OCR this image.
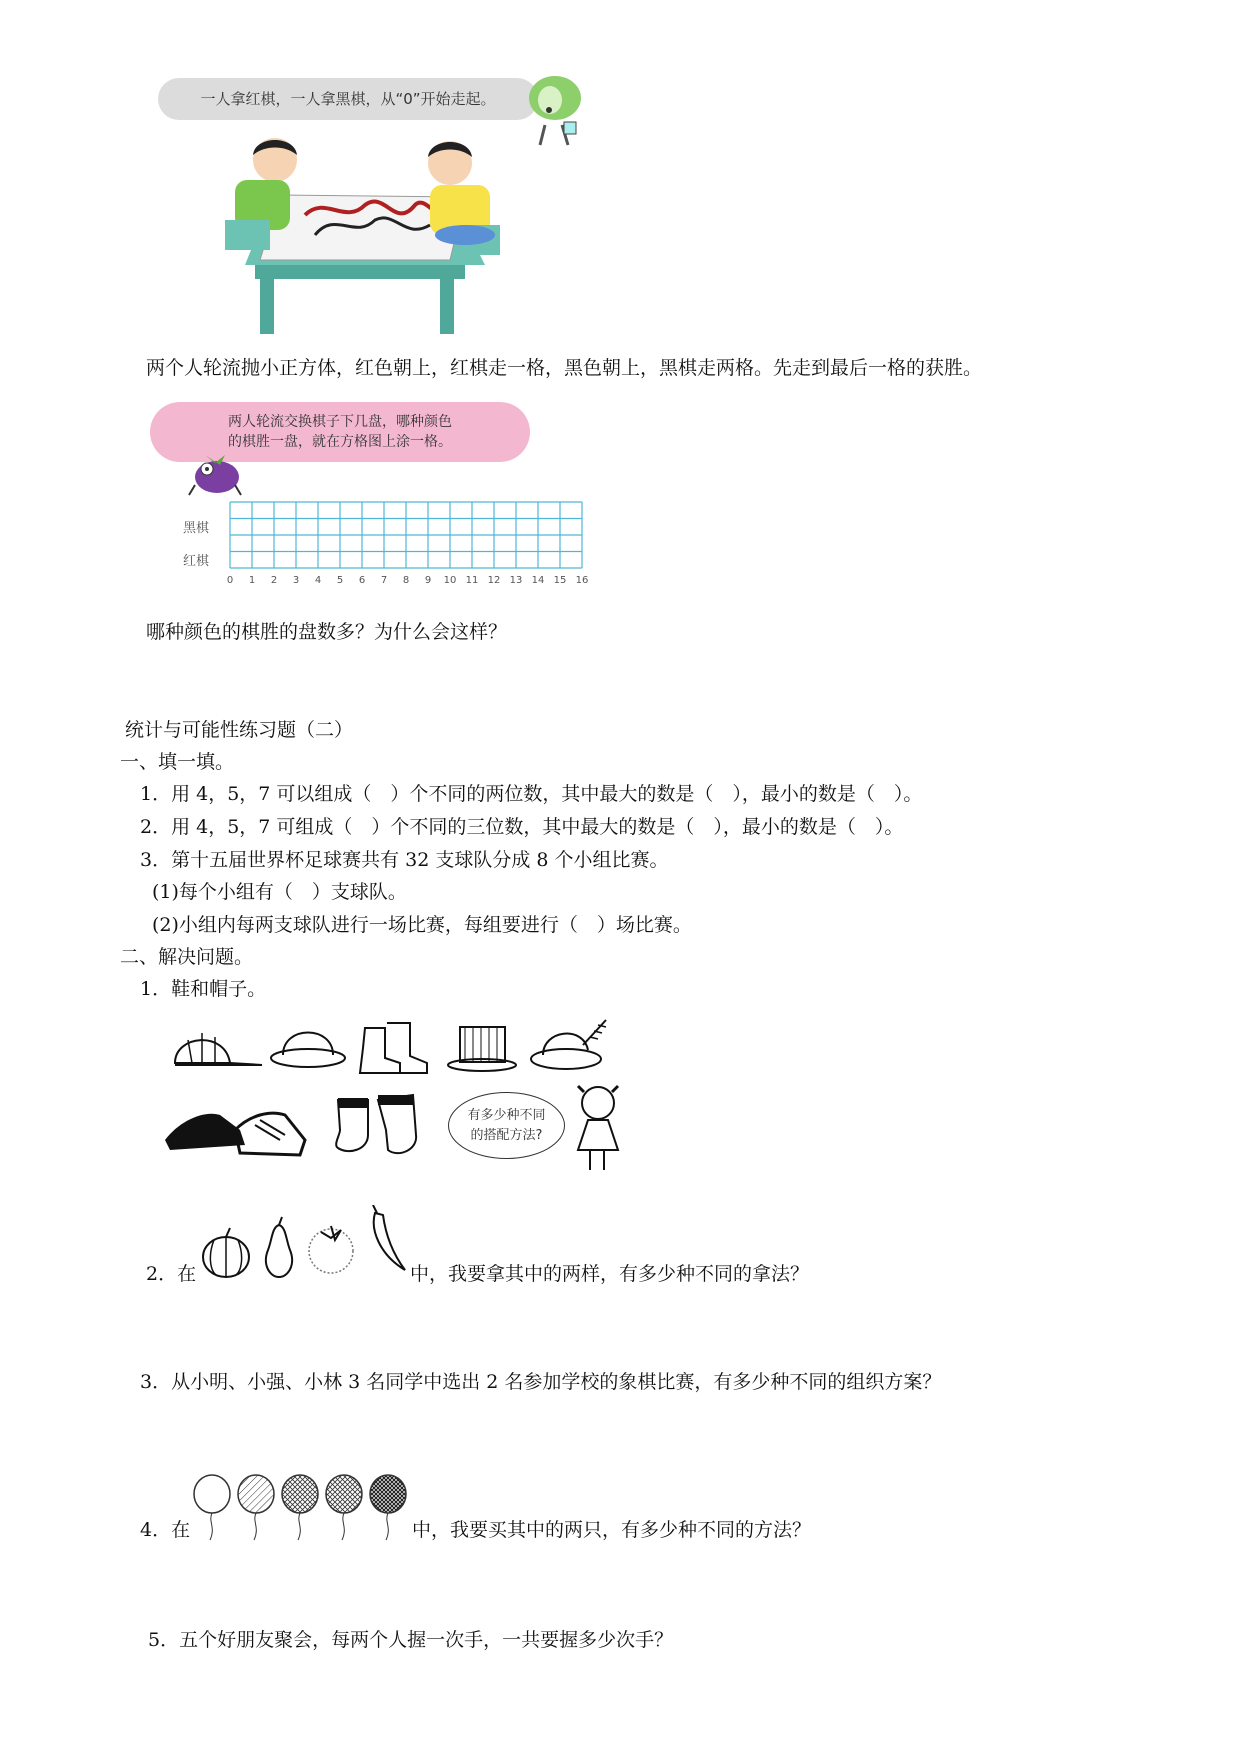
一人拿红棋，一人拿黑棋，从“0”开始走起。
两个人轮流抛小正方体，红色朝上，红棋走一格，黑色朝上，黑棋走两格。先走到最后一格的获胜。
两人轮流交换棋子下几盘，哪种颜色
的棋胜一盘，就在方格图上涂一格。
黑棋
红棋
0 1 2 3 4 5 6 7 8 9 10 11 12 13 14 15 16
哪种颜色的棋胜的盘数多？为什么会这样？
统计与可能性练习题（二）
一、填一填。
1．用 4，5，7 可以组成（　）个不同的两位数，其中最大的数是（　），最小的数是（　）。
2．用 4，5，7 可组成（　）个不同的三位数，其中最大的数是（　），最小的数是（　）。
3．第十五届世界杯足球赛共有 32 支球队分成 8 个小组比赛。
(1)每个小组有（　）支球队。
(2)小组内每两支球队进行一场比赛，每组要进行（　）场比赛。
二、解决问题。
1．鞋和帽子。
有多少种不同
的搭配方法?
2．在	中，我要拿其中的两样，有多少种不同的拿法？
3．从小明、小强、小林 3 名同学中选出 2 名参加学校的象棋比赛，有多少种不同的组织方案？
4．在	中，我要买其中的两只，有多少种不同的方法？
5．五个好朋友聚会，每两个人握一次手，一共要握多少次手？
